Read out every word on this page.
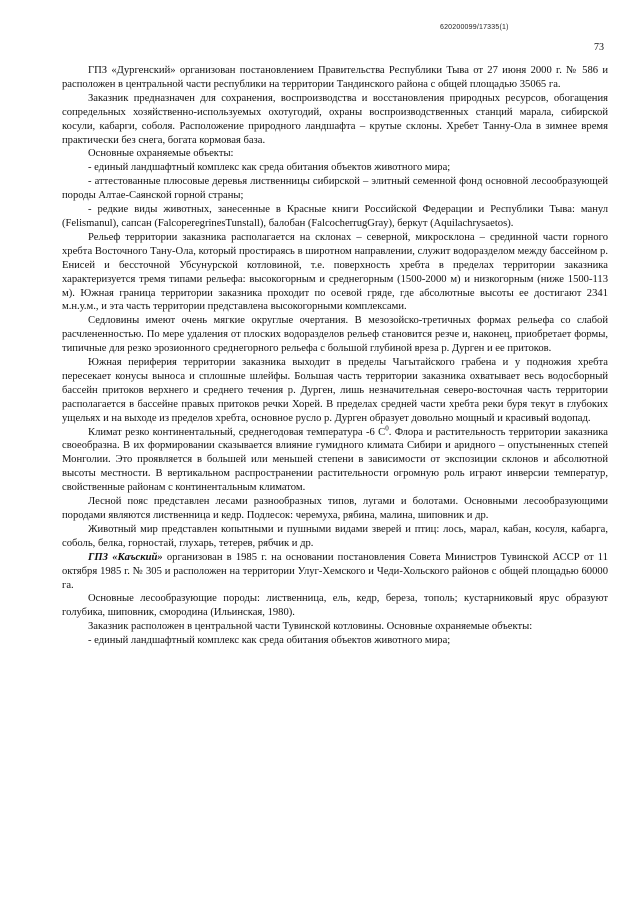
620200099/17335(1)
73

ГПЗ «Дургенский» организован постановлением Правительства Республики Тыва от 27 июня 2000 г. № 586 и расположен в центральной части республики на территории Тандинского района с общей площадью 35065 га.

Заказник предназначен для сохранения, воспроизводства и восстановления природных ресурсов, обогащения сопредельных хозяйственно-используемых охотугодий, охраны воспроизводственных станций марала, сибирской косули, кабарги, соболя. Расположение природного ландшафта – крутые склоны. Хребет Танну-Ола в зимнее время практически без снега, богата кормовая база.

Основные охраняемые объекты:

- единый ландшафтный комплекс как среда обитания объектов животного мира;

- аттестованные плюсовые деревья лиственницы сибирской – элитный семенной фонд основной лесообразующей породы Алтае-Саянской горной страны;

- редкие виды животных, занесенные в Красные книги Российской Федерации и Республики Тыва: манул (Felismanul), сапсан (FalcoperegrinesTunstall), балобан (FalcocherrugGray), беркут (Aquilachrysaetos).

Рельеф территории заказника располагается на склонах – северной, микросклона – срединной части горного хребта Восточного Тану-Ола, который простираясь в широтном направлении, служит водоразделом между бассейном р. Енисей и бессточной Убсунурской котловиной, т.е. поверхность хребта в пределах территории заказника характеризуется тремя типами рельефа: высокогорным и среднегорным (1500-2000 м) и низкогорным (ниже 1500-113 м). Южная граница территории заказника проходит по осевой гряде, где абсолютные высоты ее достигают 2341 м.н.у.м., и эта часть территории представлена высокогорными комплексами.

Седловины имеют очень мягкие округлые очертания. В мезозойско-третичных формах рельефа со слабой расчлененностью. По мере удаления от плоских водоразделов рельеф становится резче и, наконец, приобретает формы, типичные для резко эрозионного среднегорного рельефа с большой глубиной вреза р. Дурген и ее притоков.

Южная периферия территории заказника выходит в пределы Чагытайского грабена и у подножия хребта пересекает конусы выноса и сплошные шлейфы. Большая часть территории заказника охватывает весь водосборный бассейн притоков верхнего и среднего течения р. Дурген, лишь незначительная северо-восточная часть территории располагается в бассейне правых притоков речки Хорей. В пределах средней части хребта реки буря текут в глубоких ущельях и на выходе из пределов хребта, основное русло р. Дурген образует довольно мощный и красивый водопад.

Климат резко континентальный, среднегодовая температура -6 $С^0$. Флора и растительность территории заказника своеобразна. В их формировании сказывается влияние гумидного климата Сибири и аридного – опустыненных степей Монголии. Это проявляется в большей или меньшей степени в зависимости от экспозиции склонов и абсолютной высоты местности. В вертикальном распространении растительности огромную роль играют инверсии температур, свойственные районам с континентальным климатом.

Лесной пояс представлен лесами разнообразных типов, лугами и болотами. Основными лесообразующими породами являются лиственница и кедр. Подлесок: черемуха, рябина, малина, шиповник и др.

Животный мир представлен копытными и пушными видами зверей и птиц: лось, марал, кабан, косуля, кабарга, соболь, белка, горностай, глухарь, тетерев, рябчик и др.

ГПЗ «Каъский» организован в 1985 г. на основании постановления Совета Министров Тувинской АССР от 11 октября 1985 г. № 305 и расположен на территории Улуг-Хемского и Чеди-Хольского районов с общей площадью 60000 га.

Основные лесообразующие породы: лиственница, ель, кедр, береза, тополь; кустарниковый ярус образуют голубика, шиповник, смородина (Ильинская, 1980).

Заказник расположен в центральной части Тувинской котловины. Основные охраняемые объекты:

- единый ландшафтный комплекс как среда обитания объектов животного мира;
